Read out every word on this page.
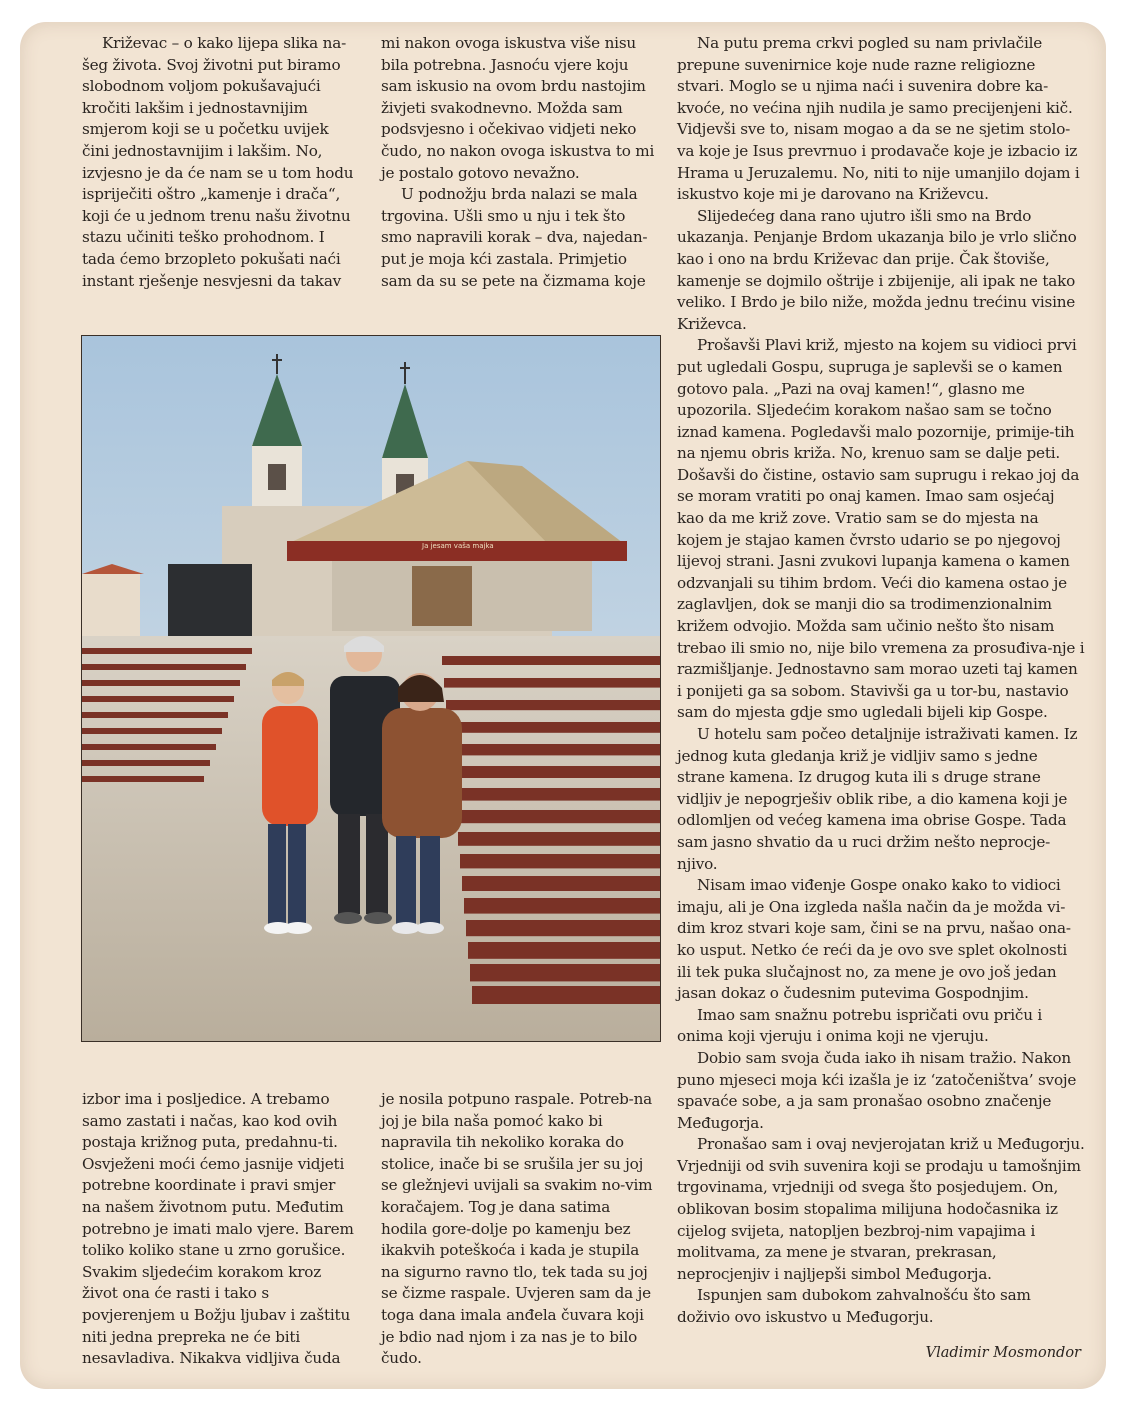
Križevac – o kako lijepa slika na-šeg života. Svoj životni put biramo slobodnom voljom pokušavajući kročiti lakšim i jednostavnijim smjerom koji se u početku uvijek čini jednostavnijim i lakšim. No, izvjesno je da će nam se u tom hodu ispriječiti oštro „kamenje i drača“, koji će u jednom trenu našu životnu stazu učiniti teško prohodnom. I tada ćemo brzopleto pokušati naći instant rješenje nesvjesni da takav

mi nakon ovoga iskustva više nisu bila potrebna. Jasnoću vjere koju sam iskusio na ovom brdu nastojim živjeti svakodnevno. Možda sam podsvjesno i očekivao vidjeti neko čudo, no nakon ovoga iskustva to mi je postalo gotovo nevažno.

U podnožju brda nalazi se mala trgovina. Ušli smo u nju i tek što smo napravili korak – dva, najedan-put je moja kći zastala. Primjetio sam da su se pete na čizmama koje

Na putu prema crkvi pogled su nam privlačile prepune suvenirnice koje nude razne religiozne stvari. Moglo se u njima naći i suvenira dobre ka-kvoće, no većina njih nudila je samo precijenjeni kič. Vidjevši sve to, nisam mogao a da se ne sjetim stolo-va koje je Isus prevrnuo i prodavače koje je izbacio iz Hrama u Jeruzalemu. No, niti to nije umanjilo dojam i iskustvo koje mi je darovano na Križevcu.

Slijedećeg dana rano ujutro išli smo na Brdo ukazanja. Penjanje Brdom ukazanja bilo je vrlo slično kao i ono na brdu Križevac dan prije. Čak štoviše, kamenje se dojmilo oštrije i zbijenije, ali ipak ne tako veliko. I Brdo je bilo niže, možda jednu trećinu visine Križevca.

Prošavši Plavi križ, mjesto na kojem su vidioci prvi put ugledali Gospu, supruga je saplevši se o kamen gotovo pala. „Pazi na ovaj kamen!“, glasno me upozorila. Sljedećim korakom našao sam se točno iznad kamena. Pogledavši malo pozornije, primije-tih na njemu obris križa. No, krenuo sam se dalje peti. Došavši do čistine, ostavio sam suprugu i rekao joj da se moram vratiti po onaj kamen. Imao sam osjećaj kao da me križ zove. Vratio sam se do mjesta na kojem je stajao kamen čvrsto udario se po njegovoj lijevoj strani. Jasni zvukovi lupanja kamena o kamen odzvanjali su tihim brdom. Veći dio kamena ostao je zaglavljen, dok se manji dio sa trodimenzionalnim križem odvojio. Možda sam učinio nešto što nisam trebao ili smio no, nije bilo vremena za prosuđiva-nje i razmišljanje. Jednostavno sam morao uzeti taj kamen i ponijeti ga sa sobom. Stavivši ga u tor-bu, nastavio sam do mjesta gdje smo ugledali bijeli kip Gospe.

U hotelu sam počeo detaljnije istraživati kamen. Iz jednog kuta gledanja križ je vidljiv samo s jedne strane kamena. Iz drugog kuta ili s druge strane vidljiv je nepogrješiv oblik ribe, a dio kamena koji je odlomljen od većeg kamena ima obrise Gospe. Tada sam jasno shvatio da u ruci držim nešto neprocje-njivo.

Nisam imao viđenje Gospe onako kako to vidioci imaju, ali je Ona izgleda našla način da je možda vi-dim kroz stvari koje sam, čini se na prvu, našao ona-ko usput. Netko će reći da je ovo sve splet okolnosti ili tek puka slučajnost no, za mene je ovo još jedan jasan dokaz o čudesnim putevima Gospodnjim.

Imao sam snažnu potrebu ispričati ovu priču i onima koji vjeruju i onima koji ne vjeruju.

Dobio sam svoja čuda iako ih nisam tražio. Nakon puno mjeseci moja kći izašla je iz ‘zatočeništva’ svoje spavaće sobe, a ja sam pronašao osobno značenje Međugorja.

Pronašao sam i ovaj nevjerojatan križ u Međugorju. Vrjedniji od svih suvenira koji se prodaju u tamošnjim trgovinama, vrjedniji od svega što posjedujem. On, oblikovan bosim stopalima milijuna hodočasnika iz cijelog svijeta, natopljen bezbroj-nim vapajima i molitvama, za mene je stvaran, prekrasan, neprocjenjiv i najljepši simbol Međugorja.

Ispunjen sam dubokom zahvalnošću što sam doživio ovo iskustvo u Međugorju.

izbor ima i posljedice. A trebamo samo zastati i načas, kao kod ovih postaja križnog puta, predahnu-ti. Osvježeni moći ćemo jasnije vidjeti potrebne koordinate i pravi smjer na našem životnom putu. Međutim potrebno je imati malo vjere. Barem toliko koliko stane u zrno gorušice. Svakim sljedećim korakom kroz život ona će rasti i tako s povjerenjem u Božju ljubav i zaštitu niti jedna prepreka ne će biti nesavladiva. Nikakva vidljiva čuda

je nosila potpuno raspale. Potreb-na joj je bila naša pomoć kako bi napravila tih nekoliko koraka do stolice, inače bi se srušila jer su joj se gležnjevi uvijali sa svakim no-vim koračajem. Tog je dana satima hodila gore-dolje po kamenju bez ikakvih poteškoća i kada je stupila na sigurno ravno tlo, tek tada su joj se čizme raspale. Uvjeren sam da je toga dana imala anđela čuvara koji je bdio nad njom i za nas je to bilo čudo.	Vladimir Mosmondor
Ja jesam vaša majka
